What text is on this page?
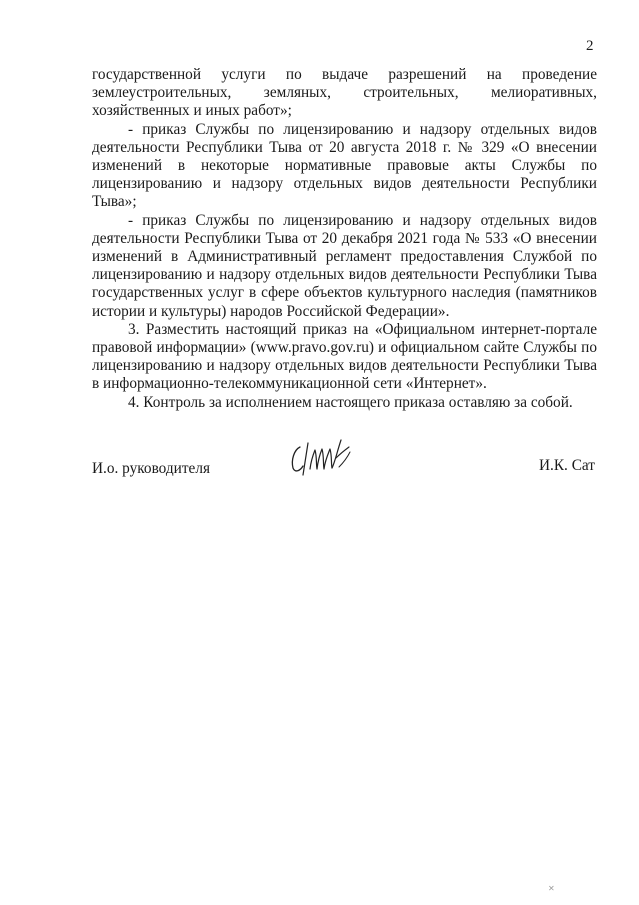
2

государственной услуги по выдаче разрешений на проведение землеустроительных, земляных, строительных, мелиоративных, хозяйственных и иных работ»;

- приказ Службы по лицензированию и надзору отдельных видов деятельности Республики Тыва от 20 августа 2018 г. № 329 «О внесении изменений в некоторые нормативные правовые акты Службы по лицензированию и надзору отдельных видов деятельности Республики Тыва»;

- приказ Службы по лицензированию и надзору отдельных видов деятельности Республики Тыва от 20 декабря 2021 года № 533 «О внесении изменений в Административный регламент предоставления Службой по лицензированию и надзору отдельных видов деятельности Республики Тыва государственных услуг в сфере объектов культурного наследия (памятников истории и культуры) народов Российской Федерации».

3. Разместить настоящий приказ на «Официальном интернет-портале правовой информации» (www.pravo.gov.ru) и официальном сайте Службы по лицензированию и надзору отдельных видов деятельности Республики Тыва в информационно-телекоммуникационной сети «Интернет».

4. Контроль за исполнением настоящего приказа оставляю за собой.

И.о. руководителя	И.К. Сат
✕
